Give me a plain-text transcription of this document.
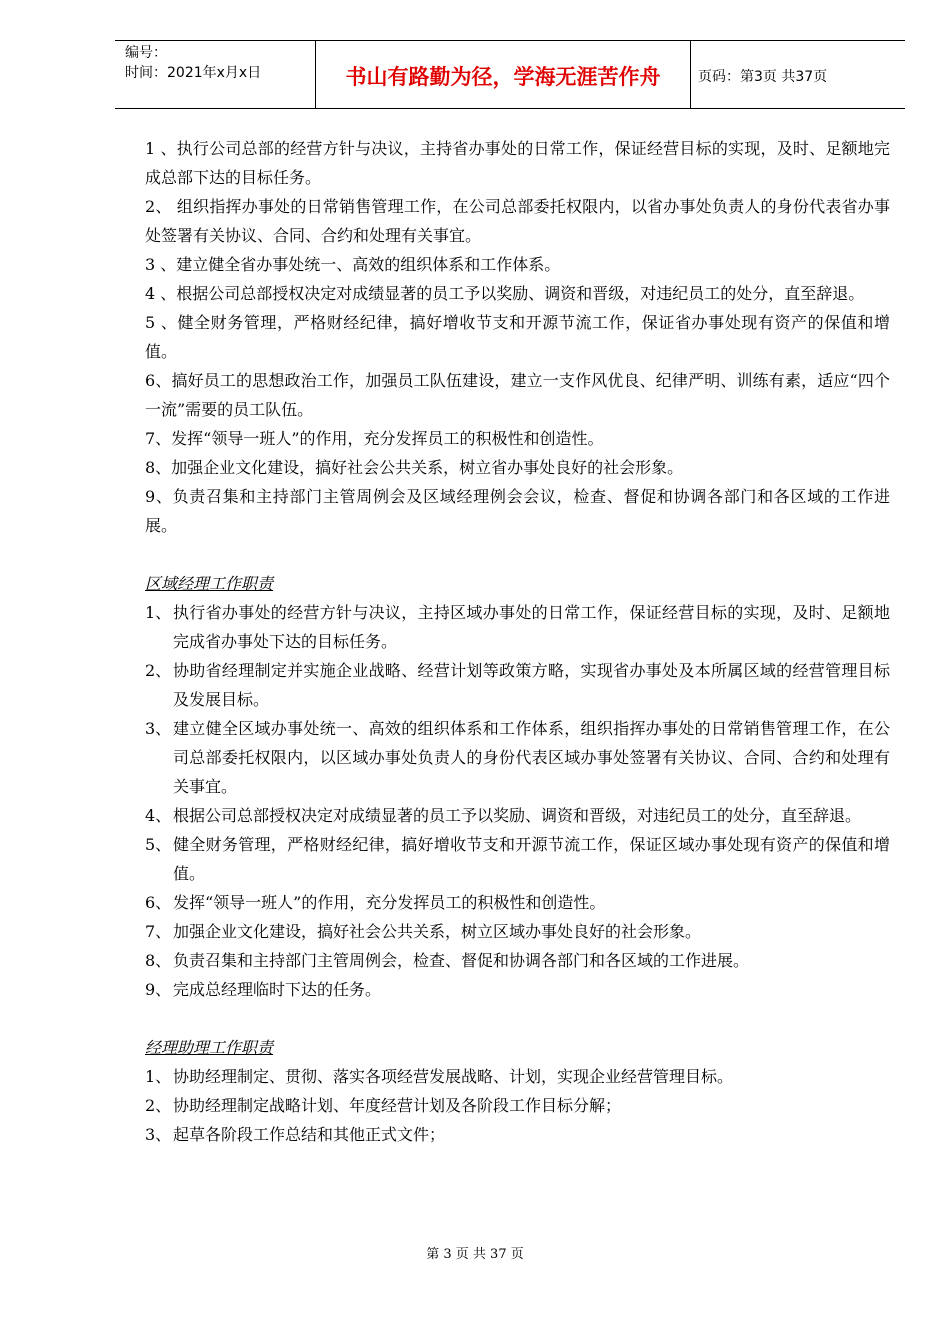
编号：
时间：2021年x月x日	书山有路勤为径，学海无涯苦作舟	页码：第3页 共37页

1 、执行公司总部的经营方针与决议，主持省办事处的日常工作，保证经营目标的实现，及时、足额地完成总部下达的目标任务。

2、 组织指挥办事处的日常销售管理工作，在公司总部委托权限内，以省办事处负责人的身份代表省办事处签署有关协议、合同、合约和处理有关事宜。

3 、建立健全省办事处统一、高效的组织体系和工作体系。

4 、根据公司总部授权决定对成绩显著的员工予以奖励、调资和晋级，对违纪员工的处分，直至辞退。

5 、健全财务管理，严格财经纪律，搞好增收节支和开源节流工作，保证省办事处现有资产的保值和增值。

6、搞好员工的思想政治工作，加强员工队伍建设，建立一支作风优良、纪律严明、训练有素，适应“四个一流”需要的员工队伍。

7、发挥“领导一班人”的作用，充分发挥员工的积极性和创造性。

8、加强企业文化建设，搞好社会公共关系，树立省办事处良好的社会形象。

9、负责召集和主持部门主管周例会及区域经理例会会议，检查、督促和协调各部门和各区域的工作进展。

区域经理工作职责

1、 执行省办事处的经营方针与决议，主持区域办事处的日常工作，保证经营目标的实现，及时、足额地完成省办事处下达的目标任务。
2、 协助省经理制定并实施企业战略、经营计划等政策方略，实现省办事处及本所属区域的经营管理目标及发展目标。
3、 建立健全区域办事处统一、高效的组织体系和工作体系，组织指挥办事处的日常销售管理工作，在公司总部委托权限内，以区域办事处负责人的身份代表区域办事处签署有关协议、合同、合约和处理有关事宜。
4、 根据公司总部授权决定对成绩显著的员工予以奖励、调资和晋级，对违纪员工的处分，直至辞退。
5、 健全财务管理，严格财经纪律，搞好增收节支和开源节流工作，保证区域办事处现有资产的保值和增值。
6、 发挥“领导一班人”的作用，充分发挥员工的积极性和创造性。
7、 加强企业文化建设，搞好社会公共关系，树立区域办事处良好的社会形象。
8、 负责召集和主持部门主管周例会，检查、督促和协调各部门和各区域的工作进展。
9、 完成总经理临时下达的任务。

经理助理工作职责

1、 协助经理制定、贯彻、落实各项经营发展战略、计划，实现企业经营管理目标。
2、 协助经理制定战略计划、年度经营计划及各阶段工作目标分解；
3、 起草各阶段工作总结和其他正式文件；
第 3 页 共 37 页
